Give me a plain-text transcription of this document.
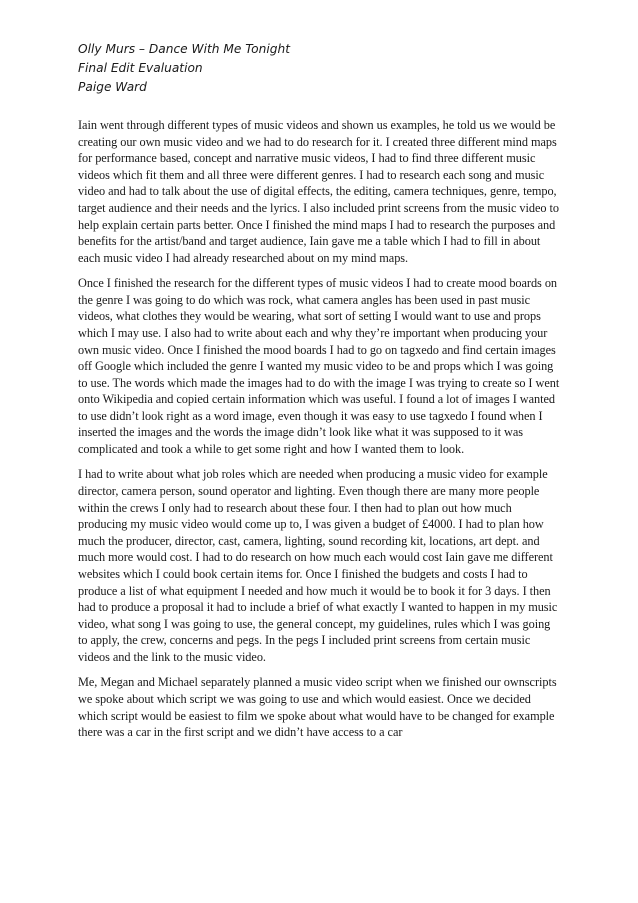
Olly Murs – Dance With Me Tonight

Final Edit Evaluation

Paige Ward

Iain went through different types of music videos and shown us examples, he told us we would be creating our own music video and we had to do research for it. I created three different mind maps for performance based, concept and narrative music videos, I had to find three different music videos which fit them and all three were different genres. I had to research each song and music video and had to talk about the use of digital effects, the editing, camera techniques, genre, tempo, target audience and their needs and the lyrics. I also included print screens from the music video to help explain certain parts better. Once I finished the mind maps I had to research the purposes and benefits for the artist/band and target audience, Iain gave me a table which I had to fill in about each music video I had already researched about on my mind maps.

Once I finished the research for the different types of music videos I had to create mood boards on the genre I was going to do which was rock, what camera angles has been used in past music videos, what clothes they would be wearing, what sort of setting I would want to use and props which I may use. I also had to write about each and why they’re important when producing your own music video. Once I finished the mood boards I had to go on tagxedo and find certain images off Google which included the genre I wanted my music video to be and props which I was going to use. The words which made the images had to do with the image I was trying to create so I went onto Wikipedia and copied certain information which was useful. I found a lot of images I wanted to use didn’t look right as a word image, even though it was easy to use tagxedo I found when I inserted the images and the words the image didn’t look like what it was supposed to it was complicated and took a while to get some right and how I wanted them to look.

I had to write about what job roles which are needed when producing a music video for example director, camera person, sound operator and lighting. Even though there are many more people within the crews I only had to research about these four. I then had to plan out how much producing my music video would come up to, I was given a budget of £4000. I had to plan how much the producer, director, cast, camera, lighting, sound recording kit, locations, art dept. and much more would cost. I had to do research on how much each would cost Iain gave me different websites which I could book certain items for. Once I finished the budgets and costs I had to produce a list of what equipment I needed and how much it would be to book it for 3 days. I then had to produce a proposal it had to include a brief of what exactly I wanted to happen in my music video, what song I was going to use, the general concept, my guidelines, rules which I was going to apply, the crew, concerns and pegs. In the pegs I included print screens from certain music videos and the link to the music video.

Me, Megan and Michael separately planned a music video script when we finished our ownscripts we spoke about which script we was going to use and which would easiest. Once we decided which script would be easiest to film we spoke about what would have to be changed for example there was a car in the first script and we didn’t have access to a car
